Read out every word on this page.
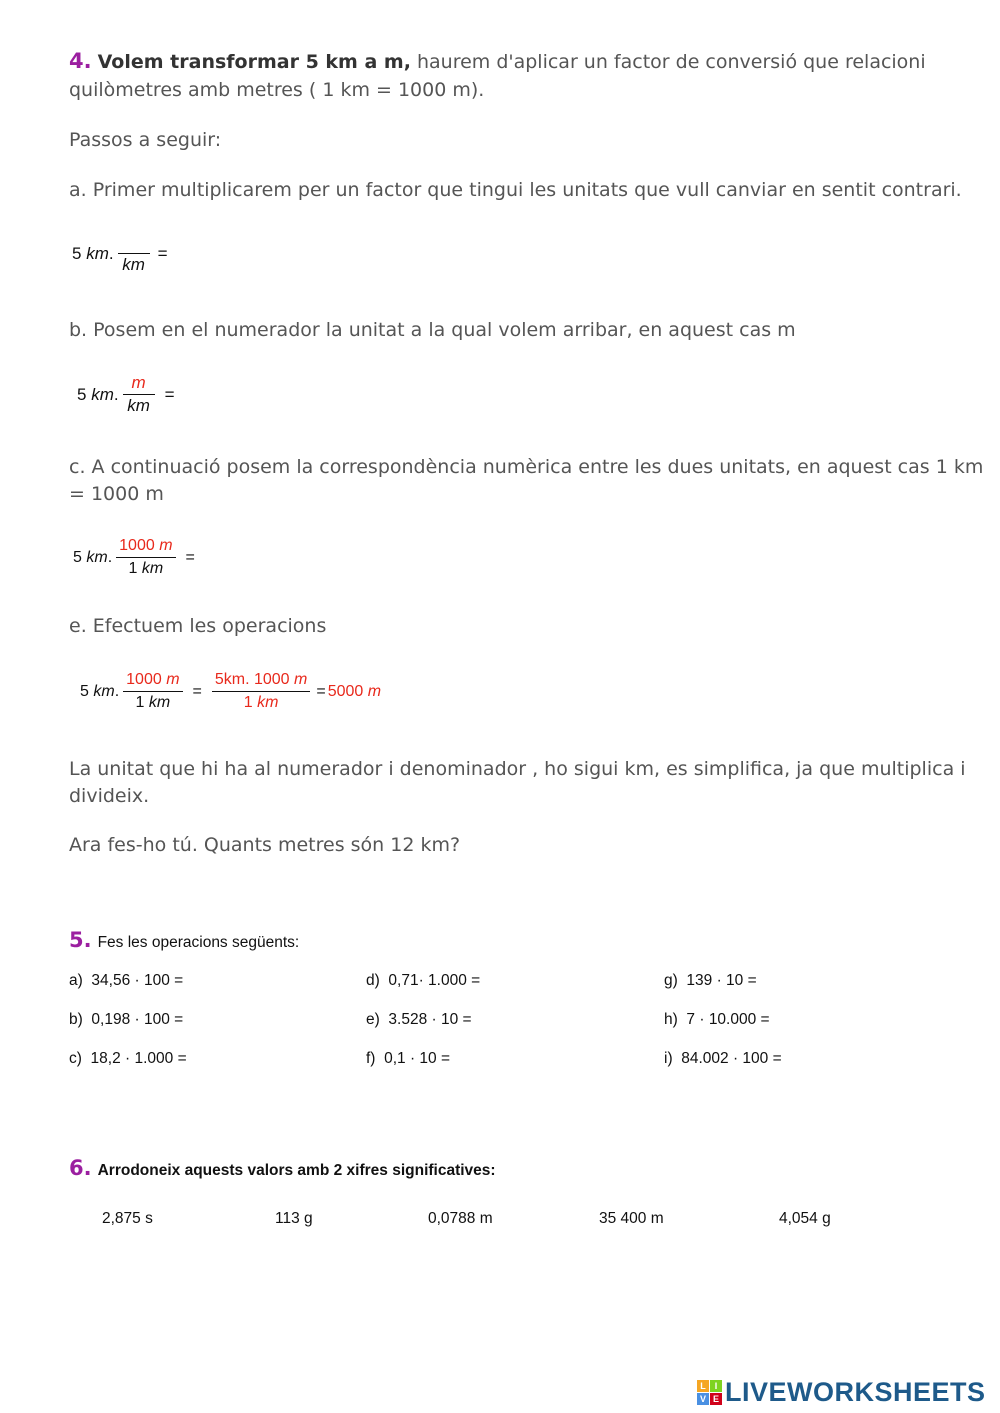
4. Volem transformar 5 km a m, haurem d'aplicar un factor de conversió que relacioni
quilòmetres amb metres ( 1 km = 1000 m).
Passos a seguir:
a. Primer multiplicarem per un factor que tingui les unitats que vull canviar en sentit contrari.
5
km .
km
=
b. Posem en el numerador la unitat a la qual volem arribar, en aquest cas m
5
km . $\frac{m}{km}$ =
c. A continuació posem la correspondència numèrica entre les dues unitats, en aquest cas 1 km
= 1000 m
5
km . $\frac{1000 m}{1 km}$ =
e. Efectuem les operacions
5
km . $\frac{1000 m}{1 km} = \frac{5km. 1000 m}{1 km} = 5000$ m
La unitat que hi ha al numerador i denominador , ho sigui km, es simplifica, ja que multiplica i
divideix.
Ara fes-ho tú. Quants metres són 12 km?
5. Fes les operacions següents:
a) 34,56 · 100 =	d) 0,71· 1.000 =	g) 139 · 10 =
b) 0,198 · 100 =	e) 3.528 · 10 =	h) 7 · 10.000 =
c) 18,2 · 1.000 =	f) 0,1 · 10 =	i) 84.002 · 100 =
6. Arrodoneix aquests valors amb 2 xifres significatives:
2,875 s	113 g	0,0788 m	35 400 m	4,054 g
L I
V E LIVEWORKSHEETS
